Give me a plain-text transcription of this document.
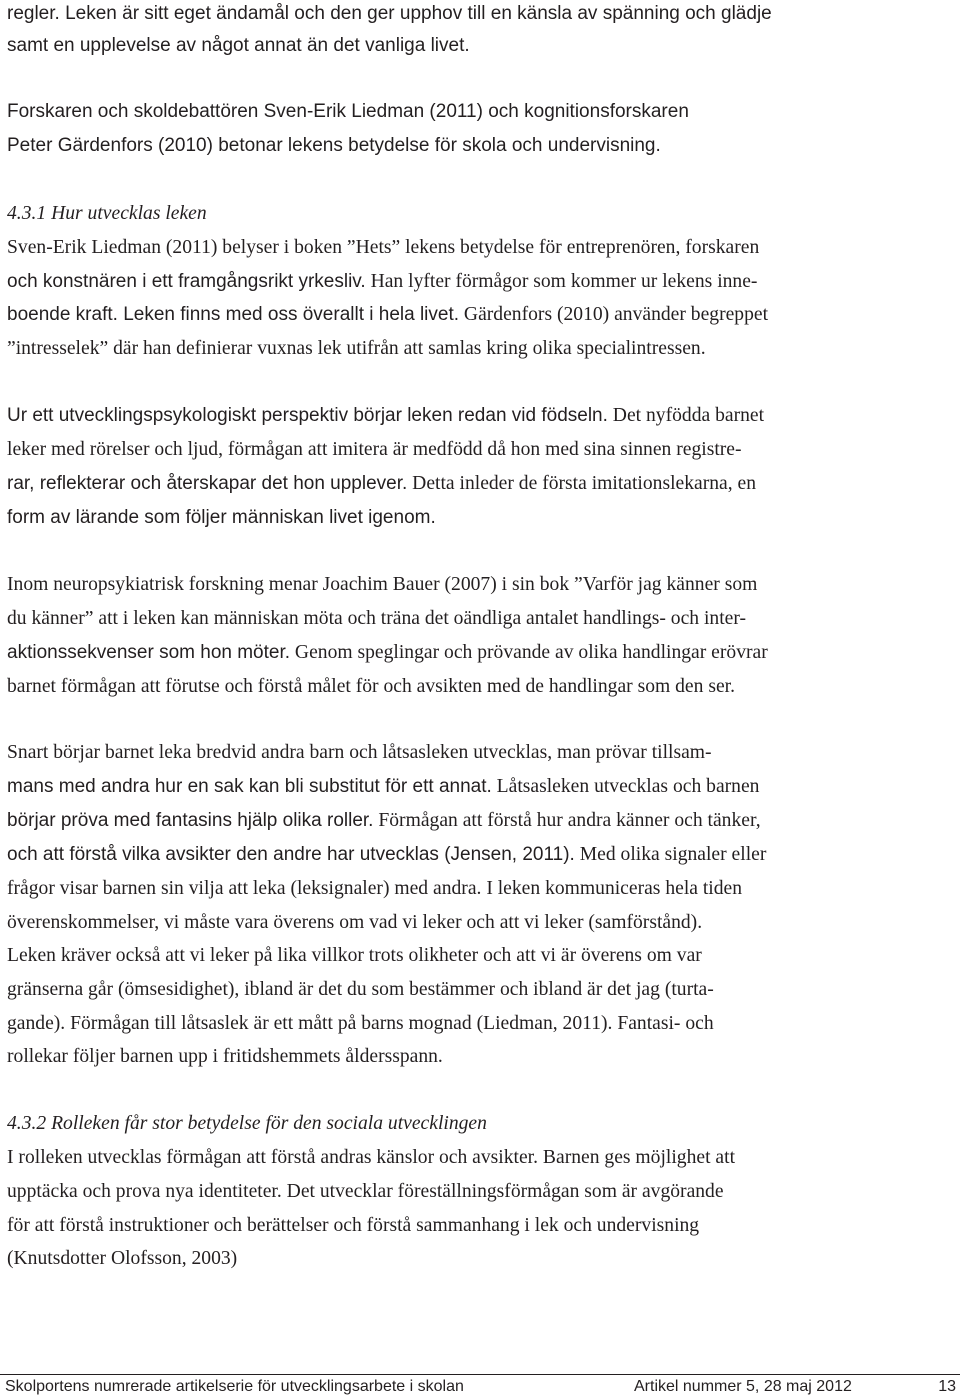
regler. Leken är sitt eget ändamål och den ger upphov till en känsla av spänning och glädje
samt en upplevelse av något annat än det vanliga livet.
Forskaren och skoldebattören Sven-Erik Liedman (2011) och kognitionsforskaren
Peter Gärdenfors (2010) betonar lekens betydelse för skola och undervisning.
4.3.1 Hur utvecklas leken
Sven-Erik Liedman (2011) belyser i boken ”Hets” lekens betydelse för entreprenören, forskaren
och konstnären i ett framgångsrikt yrkesliv. Han lyfter förmågor som kommer ur lekens inne-
boende kraft. Leken finns med oss överallt i hela livet. Gärdenfors (2010) använder begreppet
”intresselek” där han definierar vuxnas lek utifrån att samlas kring olika specialintressen.
Ur ett utvecklingspsykologiskt perspektiv börjar leken redan vid födseln. Det nyfödda barnet
leker med rörelser och ljud, förmågan att imitera är medfödd då hon med sina sinnen registre-
rar, reflekterar och återskapar det hon upplever. Detta inleder de första imitationslekarna, en
form av lärande som följer människan livet igenom.
Inom neuropsykiatrisk forskning menar Joachim Bauer (2007) i sin bok ”Varför jag känner som
du känner” att i leken kan människan möta och träna det oändliga antalet handlings- och inter-
aktionssekvenser som hon möter. Genom speglingar och prövande av olika handlingar erövrar
barnet förmågan att förutse och förstå målet för och avsikten med de handlingar som den ser.
Snart börjar barnet leka bredvid andra barn och låtsasleken utvecklas, man prövar tillsam-
mans med andra hur en sak kan bli substitut för ett annat. Låtsasleken utvecklas och barnen
börjar pröva med fantasins hjälp olika roller. Förmågan att förstå hur andra känner och tänker,
och att förstå vilka avsikter den andre har utvecklas (Jensen, 2011). Med olika signaler eller
frågor visar barnen sin vilja att leka (leksignaler) med andra. I leken kommuniceras hela tiden
överenskommelser, vi måste vara överens om vad vi leker och att vi leker (samförstånd).
Leken kräver också att vi leker på lika villkor trots olikheter och att vi är överens om var
gränserna går (ömsesidighet), ibland är det du som bestämmer och ibland är det jag (turta-
gande). Förmågan till låtsaslek är ett mått på barns mognad (Liedman, 2011). Fantasi- och
rollekar följer barnen upp i fritidshemmets åldersspann.
4.3.2 Rolleken får stor betydelse för den sociala utvecklingen
I rolleken utvecklas förmågan att förstå andras känslor och avsikter. Barnen ges möjlighet att
upptäcka och prova nya identiteter. Det utvecklar föreställningsförmågan som är avgörande
för att förstå instruktioner och berättelser och förstå sammanhang i lek och undervisning
(Knutsdotter Olofsson, 2003)
Skolportens numrerade artikelserie för utvecklingsarbete i skolan	Artikel nummer 5, 28 maj 2012	13
